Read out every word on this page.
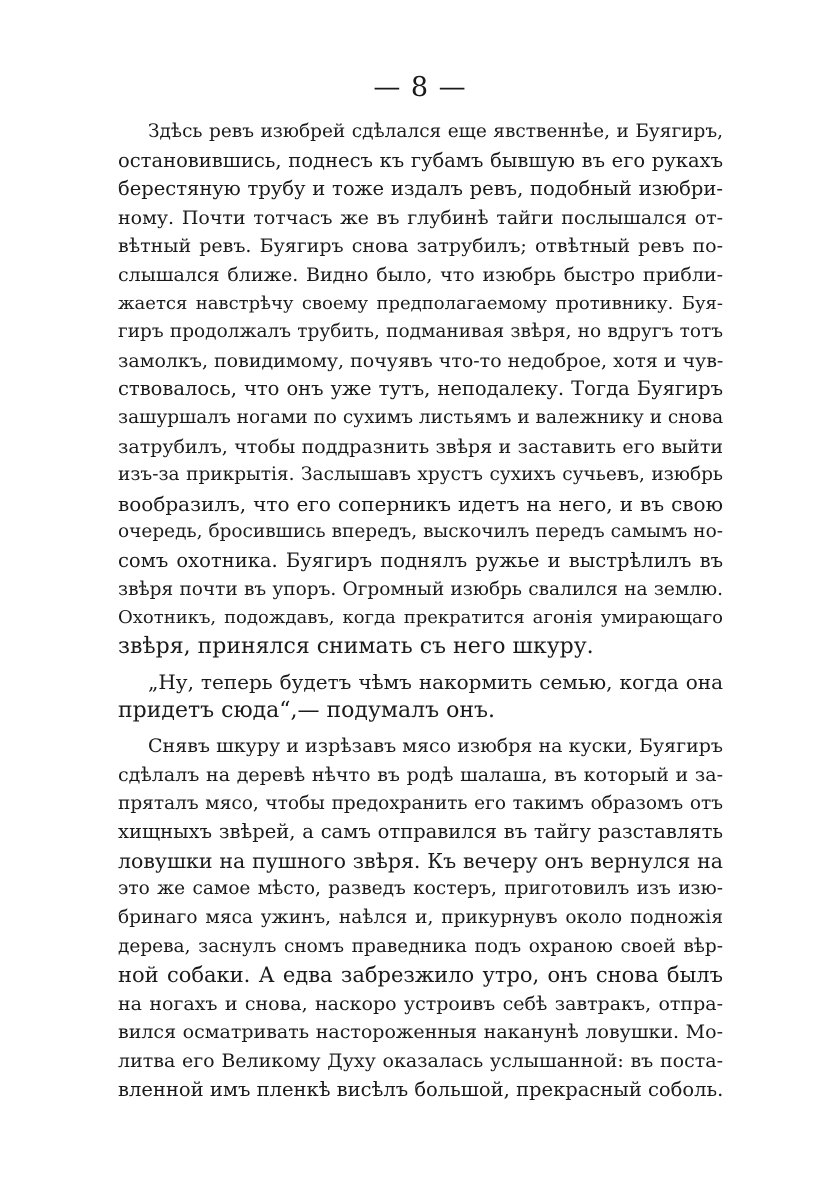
— 8 —
Здѣсь ревъ изюбрей сдѣлался еще явственнѣе, и Буягиръ,
остановившись, поднесъ къ губамъ бывшую въ его рукахъ
берестяную трубу и тоже издалъ ревъ, подобный изюбри-
ному. Почти тотчасъ же въ глубинѣ тайги послышался от-
вѣтный ревъ. Буягиръ снова затрубилъ; отвѣтный ревъ по-
слышался ближе. Видно было, что изюбрь быстро прибли-
жается навстрѣчу своему предполагаемому противнику. Буя-
гиръ продолжалъ трубить, подманивая звѣря, но вдругъ тотъ
замолкъ, повидимому, почуявъ что-то недоброе, хотя и чув-
ствовалось, что онъ уже тутъ, неподалеку. Тогда Буягиръ
зашуршалъ ногами по сухимъ листьямъ и валежнику и снова
затрубилъ, чтобы поддразнить звѣря и заставить его выйти
изъ-за прикрытія. Заслышавъ хрустъ сухихъ сучьевъ, изюбрь
вообразилъ, что его соперникъ идетъ на него, и въ свою
очередь, бросившись впередъ, выскочилъ передъ самымъ но-
сомъ охотника. Буягиръ поднялъ ружье и выстрѣлилъ въ
звѣря почти въ упоръ. Огромный изюбрь свалился на землю.
Охотникъ, подождавъ, когда прекратится агонія умирающаго
звѣря, принялся снимать съ него шкуру.
„Ну, теперь будетъ чѣмъ накормить семью, когда она
придетъ сюда“,— подумалъ онъ.
Снявъ шкуру и изрѣзавъ мясо изюбря на куски, Буягиръ
сдѣлалъ на деревѣ нѣчто въ родѣ шалаша, въ который и за-
пряталъ мясо, чтобы предохранить его такимъ образомъ отъ
хищныхъ звѣрей, а самъ отправился въ тайгу разставлять
ловушки на пушного звѣря. Къ вечеру онъ вернулся на
это же самое мѣсто, разведъ костеръ, приготовилъ изъ изю-
бринаго мяса ужинъ, наѣлся и, прикурнувъ около подножія
дерева, заснулъ сномъ праведника подъ охраною своей вѣр-
ной собаки. А едва забрезжило утро, онъ снова былъ
на ногахъ и снова, наскоро устроивъ себѣ завтракъ, отпра-
вился осматривать настороженныя наканунѣ ловушки. Мо-
литва его Великому Духу оказалась услышанной: въ поста-
вленной имъ пленкѣ висѣлъ большой, прекрасный соболь.
